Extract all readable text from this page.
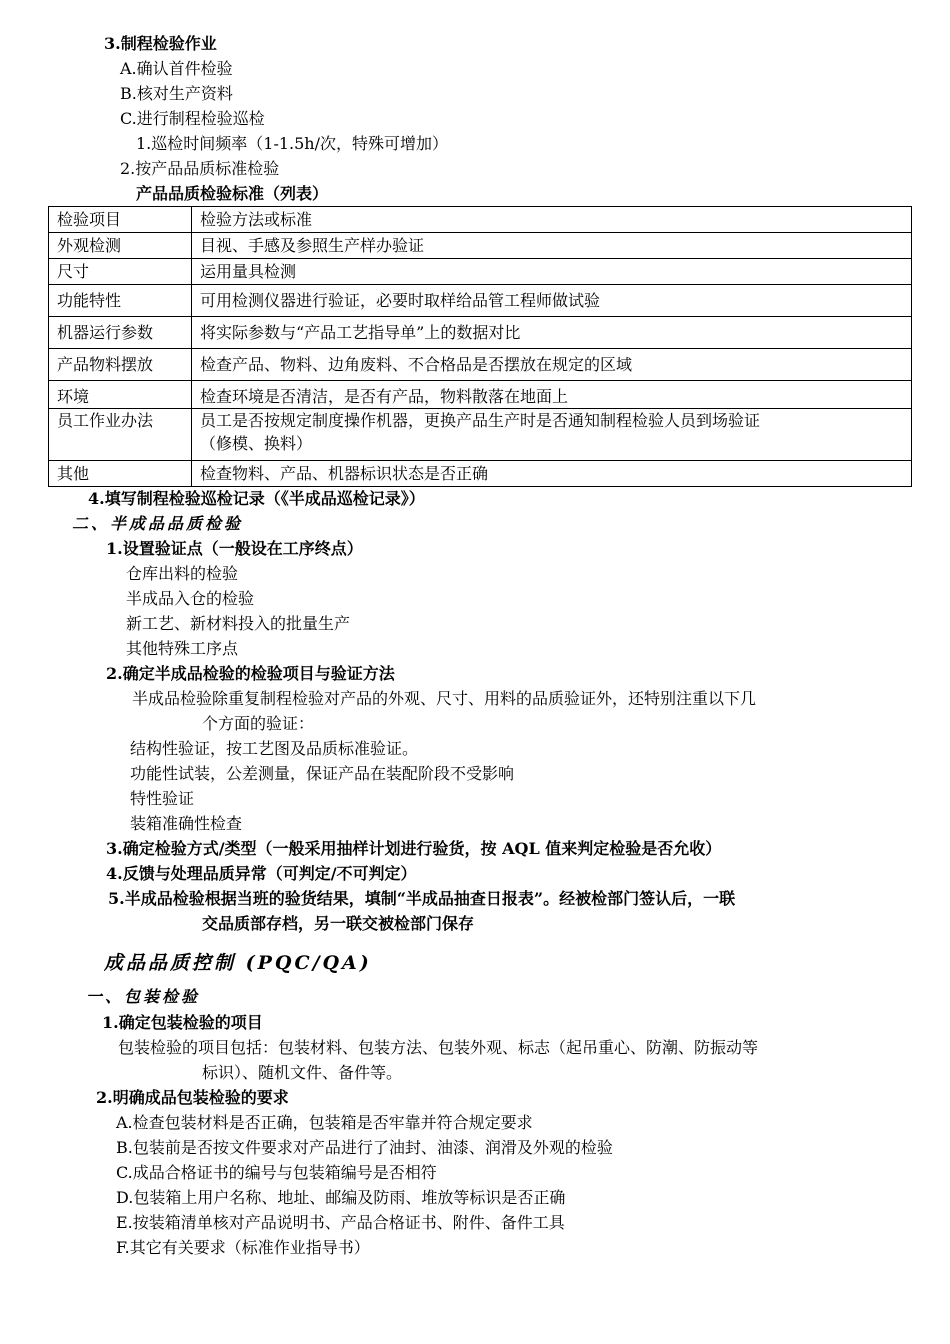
3.制程检验作业
A.确认首件检验
B.核对生产资料
C.进行制程检验巡检
1.巡检时间频率（1-1.5h/次，特殊可增加）
2.按产品品质标准检验
产品品质检验标准（列表）
检验项目	检验方法或标准
外观检测	目视、手感及参照生产样办验证
尺寸	运用量具检测
功能特性	可用检测仪器进行验证，必要时取样给品管工程师做试验
机器运行参数	将实际参数与“产品工艺指导单”上的数据对比
产品物料摆放	检查产品、物料、边角废料、不合格品是否摆放在规定的区域
环境	检查环境是否清洁，是否有产品，物料散落在地面上
员工作业办法	员工是否按规定制度操作机器，更换产品生产时是否通知制程检验人员到场验证
（修模、换料）

其他	检查物料、产品、机器标识状态是否正确
4.填写制程检验巡检记录（《半成品巡检记录》）
二、半成品品质检验
1.设置验证点（一般设在工序终点）
仓库出料的检验
半成品入仓的检验
新工艺、新材料投入的批量生产
其他特殊工序点
2.确定半成品检验的检验项目与验证方法
半成品检验除重复制程检验对产品的外观、尺寸、用料的品质验证外，还特别注重以下几
个方面的验证：
结构性验证，按工艺图及品质标准验证。
功能性试装，公差测量，保证产品在装配阶段不受影响
特性验证
装箱准确性检查
3.确定检验方式/类型（一般采用抽样计划进行验货，按 AQL 值来判定检验是否允收）
4.反馈与处理品质异常（可判定/不可判定）
5.半成品检验根据当班的验货结果，填制“半成品抽查日报表”。经被检部门签认后，一联
交品质部存档，另一联交被检部门保存
成品品质控制 (PQC/QA)
一、包装检验
1.确定包装检验的项目
包装检验的项目包括：包装材料、包装方法、包装外观、标志（起吊重心、防潮、防振动等
标识）、随机文件、备件等。
2.明确成品包装检验的要求
A.检查包装材料是否正确，包装箱是否牢靠并符合规定要求
B.包装前是否按文件要求对产品进行了油封、油漆、润滑及外观的检验
C.成品合格证书的编号与包装箱编号是否相符
D.包装箱上用户名称、地址、邮编及防雨、堆放等标识是否正确
E.按装箱清单核对产品说明书、产品合格证书、附件、备件工具
F.其它有关要求（标准作业指导书）
